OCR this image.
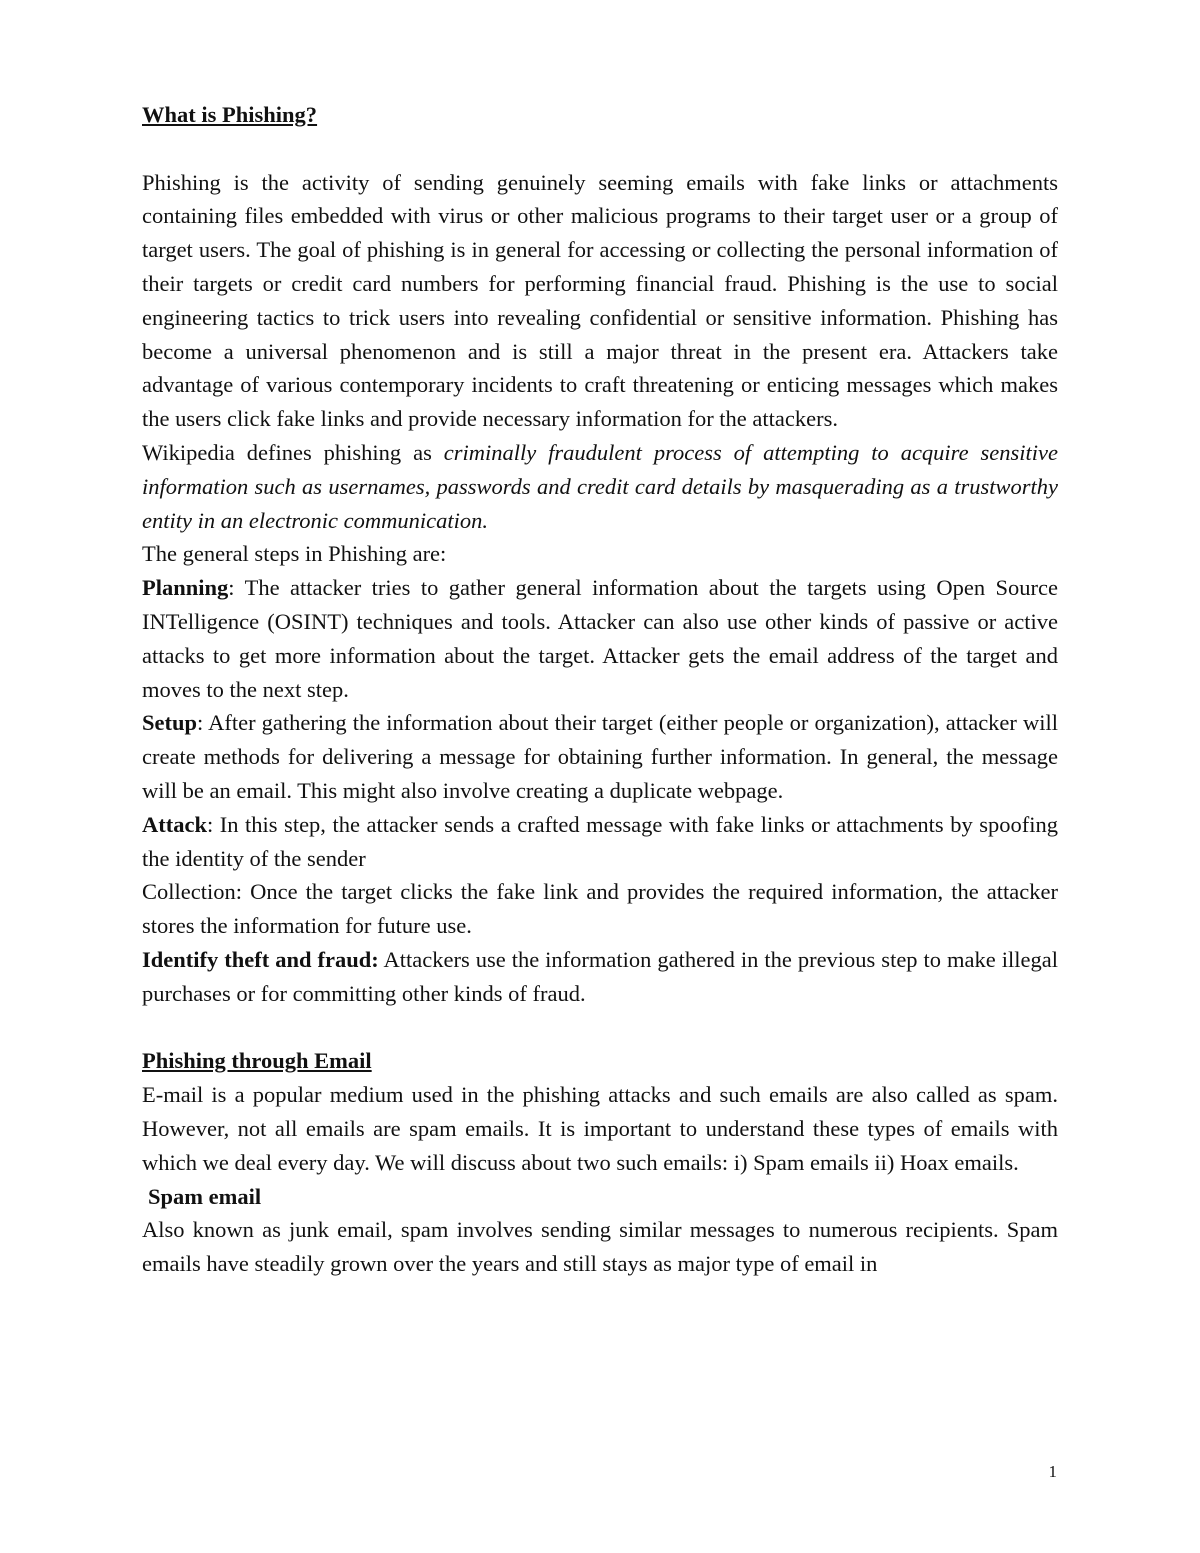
What is Phishing?

Phishing is the activity of sending genuinely seeming emails with fake links or attachments containing files embedded with virus or other malicious programs to their target user or a group of target users. The goal of phishing is in general for accessing or collecting the personal information of their targets or credit card numbers for performing financial fraud. Phishing is the use to social engineering tactics to trick users into revealing confidential or sensitive information. Phishing has become a universal phenomenon and is still a major threat in the present era. Attackers take advantage of various contemporary incidents to craft threatening or enticing messages which makes the users click fake links and provide necessary information for the attackers.

Wikipedia defines phishing as criminally fraudulent process of attempting to acquire sensitive information such as usernames, passwords and credit card details by masquerading as a trustworthy entity in an electronic communication.

The general steps in Phishing are:

Planning: The attacker tries to gather general information about the targets using Open Source INTelligence (OSINT) techniques and tools. Attacker can also use other kinds of passive or active attacks to get more information about the target. Attacker gets the email address of the target and moves to the next step.

Setup: After gathering the information about their target (either people or organization), attacker will create methods for delivering a message for obtaining further information. In general, the message will be an email. This might also involve creating a duplicate webpage.

Attack: In this step, the attacker sends a crafted message with fake links or attachments by spoofing the identity of the sender

Collection: Once the target clicks the fake link and provides the required information, the attacker stores the information for future use.

Identify theft and fraud: Attackers use the information gathered in the previous step to make illegal purchases or for committing other kinds of fraud.

Phishing through Email

E-mail is a popular medium used in the phishing attacks and such emails are also called as spam. However, not all emails are spam emails. It is important to understand these types of emails with which we deal every day. We will discuss about two such emails: i) Spam emails ii) Hoax emails.

Spam email

Also known as junk email, spam involves sending similar messages to numerous recipients. Spam emails have steadily grown over the years and still stays as major type of email in

1
